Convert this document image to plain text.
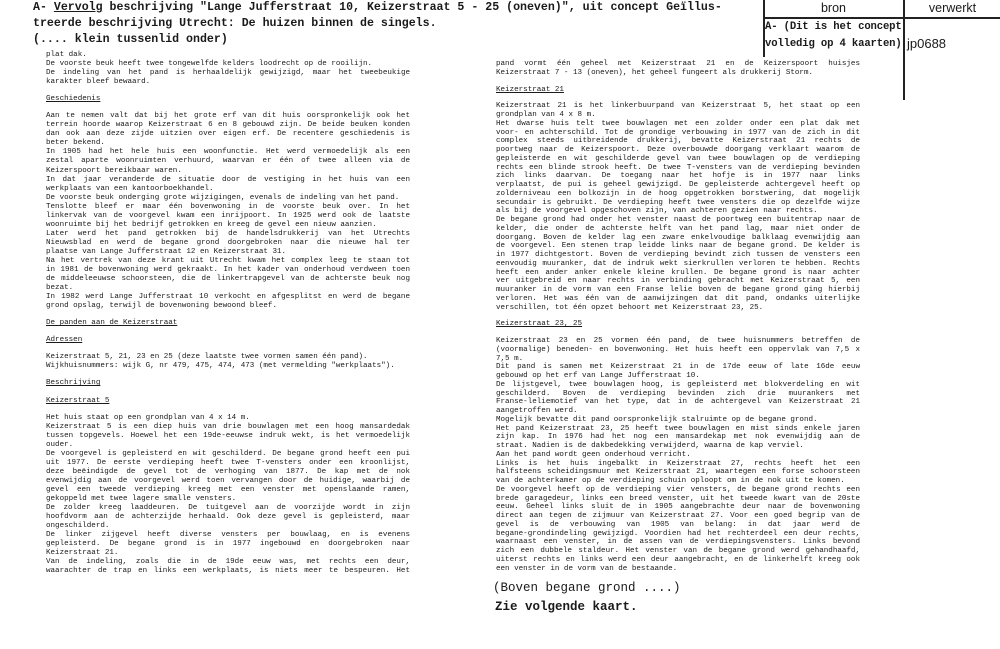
A- Vervolg beschrijving "Lange Jufferstraat 10, Keizerstraat 5 - 25 (oneven)", uit concept Geïllus-
treerde beschrijving Utrecht: De huizen binnen de singels.
(.... klein tussenlid onder)
bron	verwerkt
A- (Dit is het concept
volledig op 4 kaarten) jp0688
plat dak.
De voorste beuk heeft twee tongewelfde kelders loodrecht op de rooilijn.
De indeling van het pand is herhaaldelijk gewijzigd, maar het tweebeukige
karakter bleef bewaard.
Geschiedenis
Aan te nemen valt dat bij het grote erf van dit huis oorspronkelijk ook het
terrein hoorde waarop Keizerstraat 6 en 8 gebouwd zijn. De beide beuken konden
dan ook aan deze zijde uitzien over eigen erf. De recentere geschiedenis is
beter bekend.
In 1905 had het hele huis een woonfunctie. Het werd vermoedelijk als een
zestal aparte woonruimten verhuurd, waarvan er één of twee alleen via de
Keizerspoort bereikbaar waren.
In dat jaar veranderde de situatie door de vestiging in het huis van een
werkplaats van een kantoorboekhandel.
De voorste beuk onderging grote wijzigingen, evenals de indeling van het pand.
Tenslotte bleef er maar één bovenwoning in de voorste beuk over. In het
linkervak van de voorgevel kwam een inrijpoort. In 1925 werd ook de laatste
woonruimte bij het bedrijf getrokken en kreeg de gevel een nieuw aanzien.
Later werd het pand getrokken bij de handelsdrukkerij van het Utrechts
Nieuwsblad en werd de begane grond doorgebroken naar die nieuwe hal ter
plaatse van Lange Jufferstraat 12 en Keizerstraat 31.
Na het vertrek van deze krant uit Utrecht kwam het complex leeg te staan tot
in 1981 de bovenwoning werd gekraakt. In het kader van onderhoud verdween toen
de middeleeuwse schoorsteen, die de linkertrapgevel van de achterste beuk nog
bezat.
In 1982 werd Lange Jufferstraat 10 verkocht en afgesplitst en werd de begane
grond opslag, terwijl de bovenwoning bewoond bleef.
De panden aan de Keizerstraat
Adressen
Keizerstraat 5, 21, 23 en 25 (deze laatste twee vormen samen één pand).
Wijkhuisnummers: wijk G, nr 479, 475, 474, 473 (met vermelding "werkplaats").
Beschrijving
Keizerstraat 5
Het huis staat op een grondplan van 4 x 14 m.
Keizerstraat 5 is een diep huis van drie bouwlagen met een hoog mansardedak
tussen topgevels. Hoewel het een 19de-eeuwse indruk wekt, is het vermoedelijk
ouder.
De voorgevel is gepleisterd en wit geschilderd. De begane grond heeft een pui
uit 1977. De eerste verdieping heeft twee T-vensters onder een kroonlijst,
deze beëindigde de gevel tot de verhoging van 1877. De kap met de nok
evenwijdig aan de voorgevel werd toen vervangen door de huidige, waarbij de
gevel een tweede verdieping kreeg met een venster met openslaande ramen,
gekoppeld met twee lagere smalle vensters.
De zolder kreeg laaddeuren. De tuitgevel aan de voorzijde wordt in zijn
hoofdvorm aan de achterzijde herhaald. Ook deze gevel is gepleisterd, maar
ongeschilderd.
De linker zijgevel heeft diverse vensters per bouwlaag, en is evenens
gepleisterd. De begane grond is in 1977 ingebouwd en doorgebroken naar
Keizerstraat 21.
Van de indeling, zoals die in de 19de eeuw was, met rechts een deur,
waarachter de trap en links een werkplaats, is niets meer te bespeuren. Het
pand vormt één geheel met Keizerstraat 21 en de Keizerspoort huisjes
Keizerstraat 7 - 13 (oneven), het geheel fungeert als drukkerij Storm.
Keizerstraat 21
Keizerstraat 21 is het linkerbuurpand van Keizerstraat 5, het staat op een
grondplan van 4 x 8 m.
Het dwarse huis telt twee bouwlagen met een zolder onder een plat dak met
voor- en achterschild. Tot de grondige verbouwing in 1977 van de zich in dit
complex steeds uitbreidende drukkerij, bevatte Keizerstraat 21 rechts de
poortweg naar de Keizerspoort. Deze overbouwde doorgang verklaart waarom de
gepleisterde en wit geschilderde gevel van twee bouwlagen op de verdieping
rechts een blinde strook heeft. De twee T-vensters van de verdieping bevinden
zich links daarvan. De toegang naar het hofje is in 1977 naar links
verplaatst, de pui is geheel gewijzigd. De gepleisterde achtergevel heeft op
zolderniveau een bolkozijn in de hoog opgetrokken borstwering, dat mogelijk
secundair is gebruikt. De verdieping heeft twee vensters die op dezelfde wijze
als bij de voorgevel opgeschoven zijn, van achteren gezien naar rechts.
De begane grond had onder het venster naast de poortweg een buitentrap naar de
kelder, die onder de achterste helft van het pand lag, maar niet onder de
doorgang. Boven de kelder lag een zware enkelvoudige balklaag evenwijdig aan
de voorgevel. Een stenen trap leidde links naar de begane grond. De kelder is
in 1977 dichtgestort. Boven de verdieping bevindt zich tussen de vensters een
eenvoudig muuranker, dat de indruk wekt sierkrullen verloren te hebben. Rechts
heeft een ander anker enkele kleine krullen. De begane grond is naar achter
ver uitgebreid en naar rechts in verbinding gebracht met Keizerstraat 5, een
muuranker in de vorm van een Franse lelie boven de begane grond ging hierbij
verloren. Het was één van de aanwijzingen dat dit pand, ondanks uiterlijke
verschillen, tot één opzet behoort met Keizerstraat 23, 25.
Keizerstraat 23, 25
Keizerstraat 23 en 25 vormen één pand, de twee huisnummers betreffen de
(voormalige) beneden- en bovenwoning. Het huis heeft een oppervlak van 7,5 x
7,5 m.
Dit pand is samen met Keizerstraat 21 in de 17de eeuw of late 16de eeuw
gebouwd op het erf van Lange Jufferstraat 10.
De lijstgevel, twee bouwlagen hoog, is gepleisterd met blokverdeling en wit
geschilderd. Boven de verdieping bevinden zich drie muurankers met
Franse-leliemotief van het type, dat in de achtergevel van Keizerstraat 21
aangetroffen werd.
Mogelijk bevatte dit pand oorspronkelijk stalruimte op de begane grond.
Het pand Keizerstraat 23, 25 heeft twee bouwlagen en mist sinds enkele jaren
zijn kap. In 1976 had het nog een mansardekap met nok evenwijdig aan de
straat. Nadien is de dakbedekking verwijderd, waarna de kap verviel.
Aan het pand wordt geen onderhoud verricht.
Links is het huis ingebalkt in Keizerstraat 27, rechts heeft het een
halfsteens scheidingsmuur met Keizerstraat 21, waartegen een forse schoorsteen
van de achterkamer op de verdieping schuin oploopt om in de nok uit te komen.
De voorgevel heeft op de verdieping vier vensters, de begane grond rechts een
brede garagedeur, links een breed venster, uit het tweede kwart van de 20ste
eeuw. Geheel links sluit de in 1905 aangebrachte deur naar de bovenwoning
direct aan tegen de zijmuur van Keizerstraat 27. Voor een goed begrip van de
gevel is de verbouwing van 1905 van belang: in dat jaar werd de
begane-grondindeling gewijzigd. Voordien had het rechterdeel een deur rechts,
waarnaast een venster, in de assen van de verdiepingsvensters. Links bevond
zich een dubbele staldeur. Het venster van de begane grond werd gehandhaafd,
uiterst rechts en links werd een deur aangebracht, en de linkerhelft kreeg ook
een venster in de vorm van de bestaande.
(Boven begane grond ....)
Zie volgende kaart.
